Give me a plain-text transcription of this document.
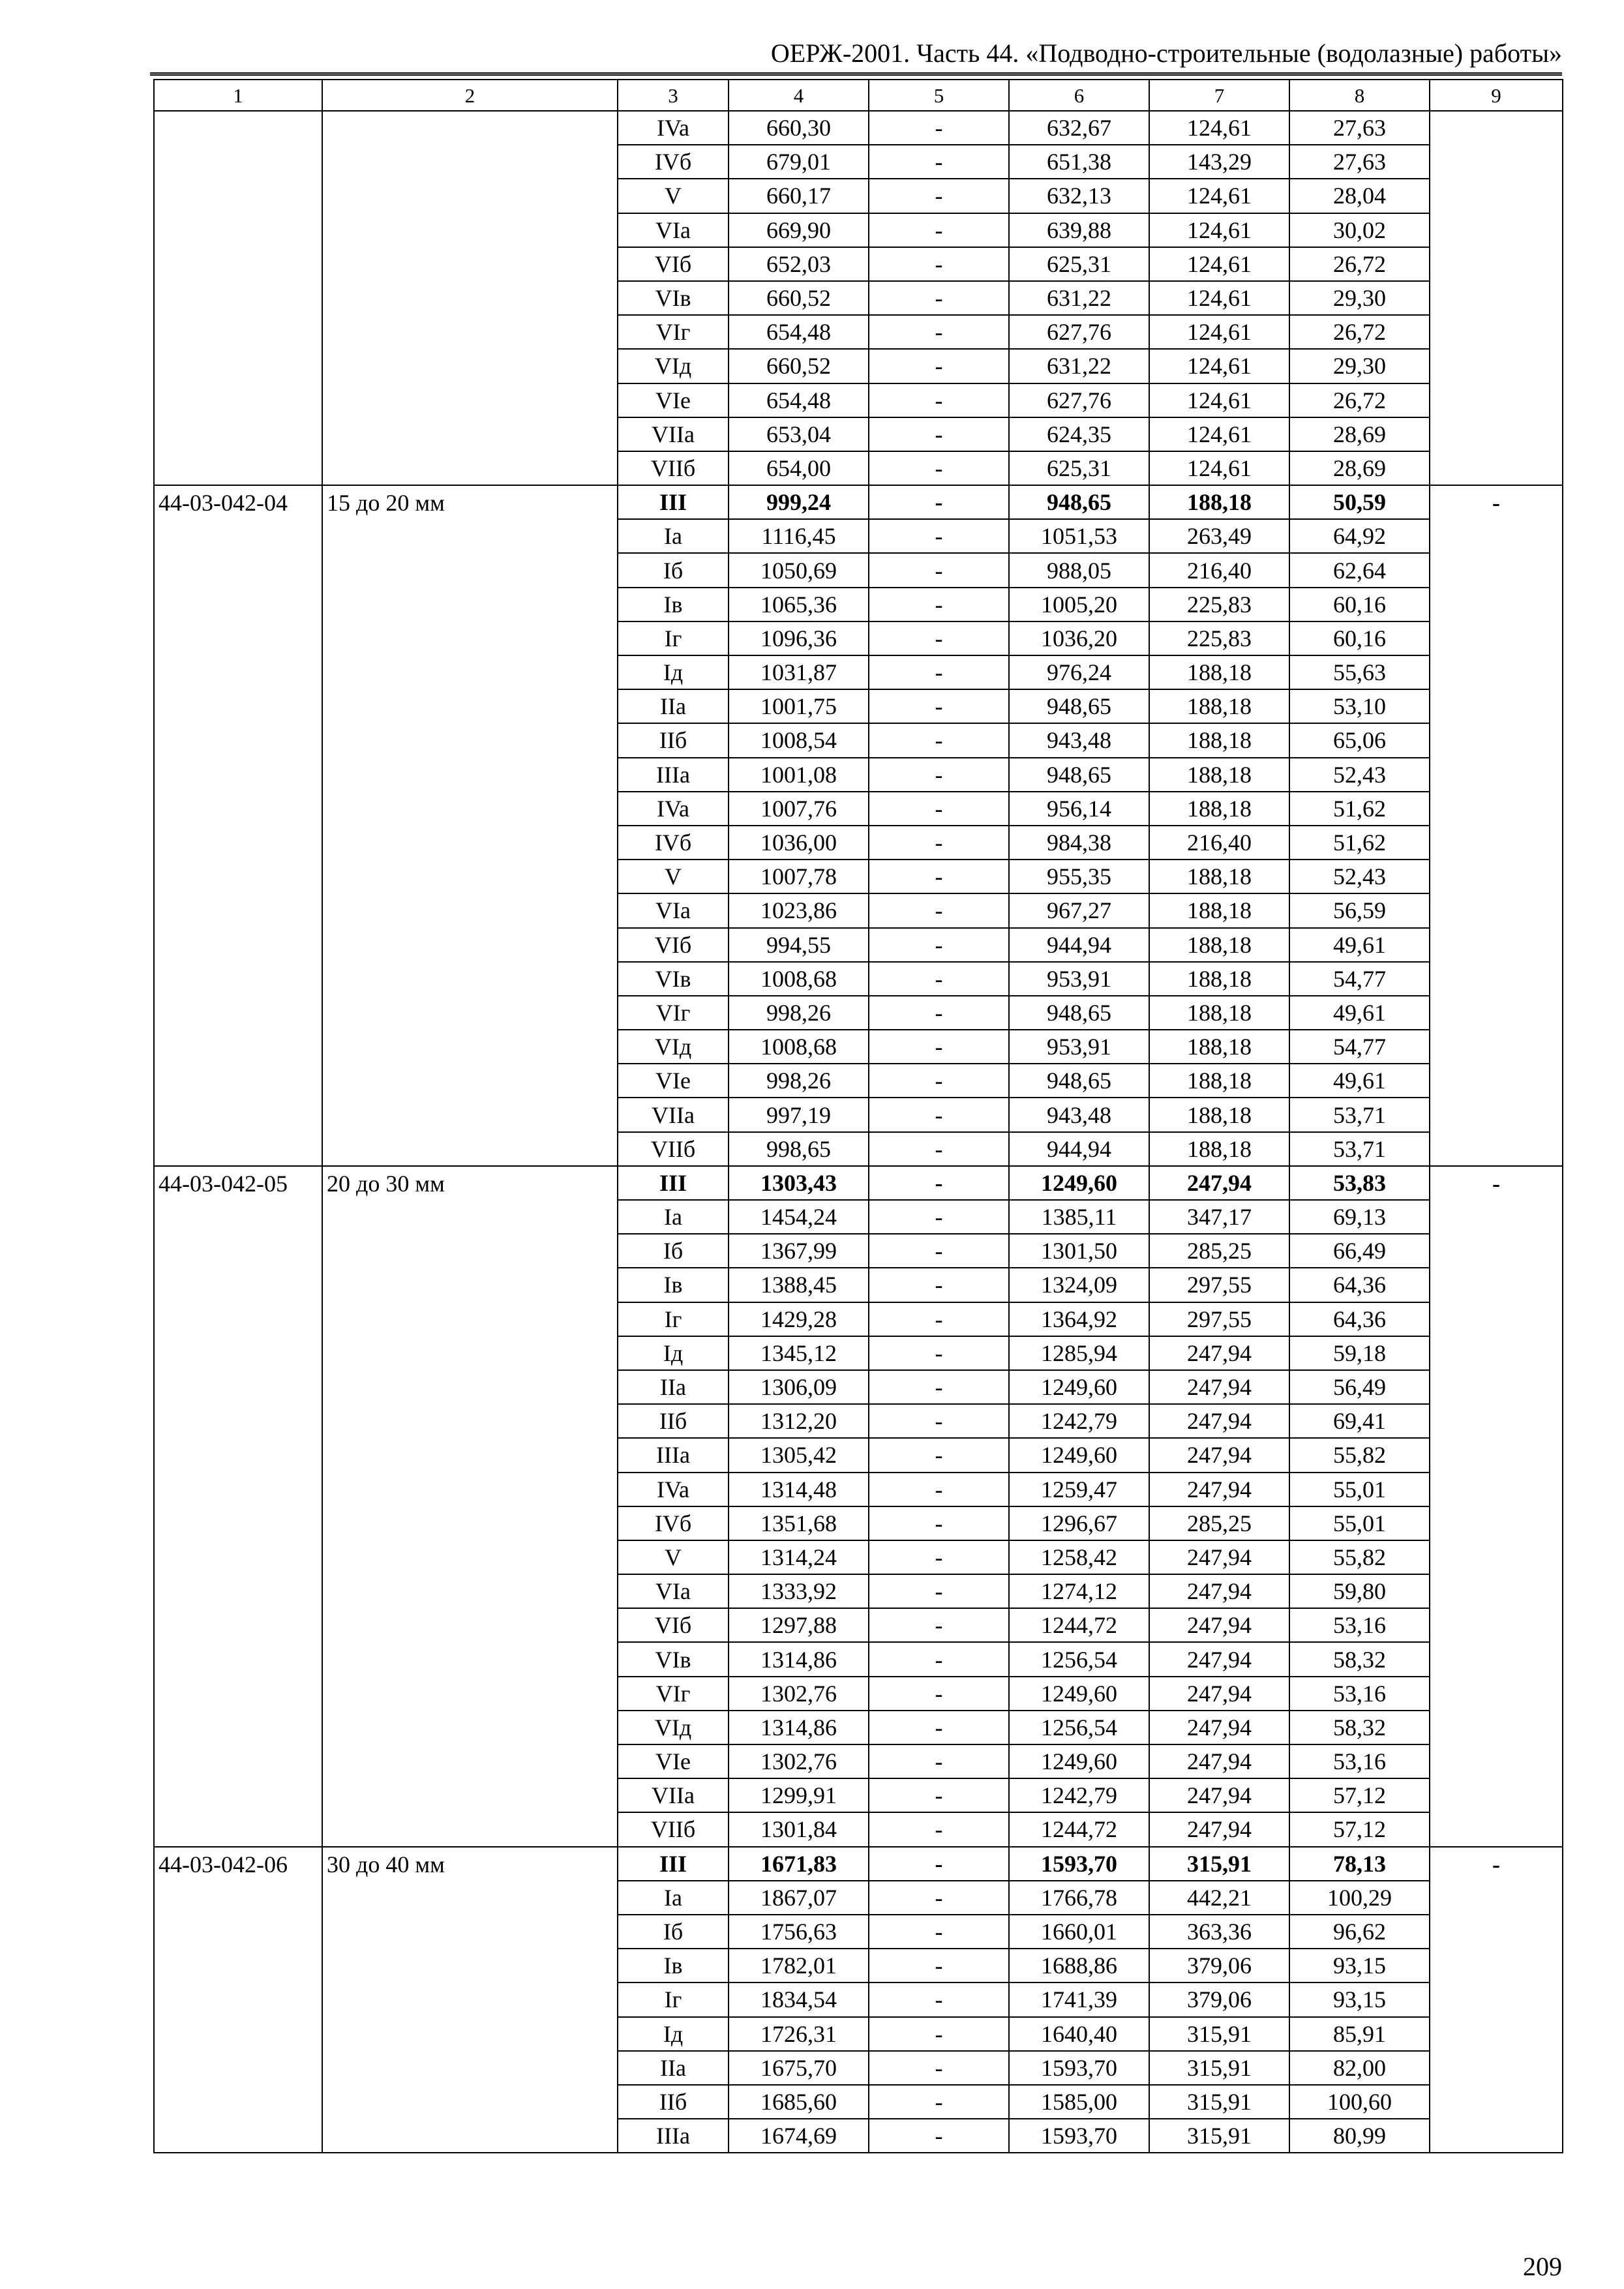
ОЕРЖ-2001. Часть 44. «Подводно-строительные (водолазные) работы»
1	2	3	4	5	6	7	8	9
		IVa	660,30	-	632,67	124,61	27,63	
		IVб	679,01	-	651,38	143,29	27,63	
		V	660,17	-	632,13	124,61	28,04	
		VIa	669,90	-	639,88	124,61	30,02	
		VIб	652,03	-	625,31	124,61	26,72	
		VIв	660,52	-	631,22	124,61	29,30	
		VIг	654,48	-	627,76	124,61	26,72	
		VIд	660,52	-	631,22	124,61	29,30	
		VIe	654,48	-	627,76	124,61	26,72	
		VIIa	653,04	-	624,35	124,61	28,69	
		VIIб	654,00	-	625,31	124,61	28,69	
44-03-042-04	15 до 20 мм	III	999,24	-	948,65	188,18	50,59	-
		Ia	1116,45	-	1051,53	263,49	64,92	
		Iб	1050,69	-	988,05	216,40	62,64	
		Iв	1065,36	-	1005,20	225,83	60,16	
		Iг	1096,36	-	1036,20	225,83	60,16	
		Iд	1031,87	-	976,24	188,18	55,63	
		IIa	1001,75	-	948,65	188,18	53,10	
		IIб	1008,54	-	943,48	188,18	65,06	
		IIIa	1001,08	-	948,65	188,18	52,43	
		IVa	1007,76	-	956,14	188,18	51,62	
		IVб	1036,00	-	984,38	216,40	51,62	
		V	1007,78	-	955,35	188,18	52,43	
		VIa	1023,86	-	967,27	188,18	56,59	
		VIб	994,55	-	944,94	188,18	49,61	
		VIв	1008,68	-	953,91	188,18	54,77	
		VIг	998,26	-	948,65	188,18	49,61	
		VIд	1008,68	-	953,91	188,18	54,77	
		VIe	998,26	-	948,65	188,18	49,61	
		VIIa	997,19	-	943,48	188,18	53,71	
		VIIб	998,65	-	944,94	188,18	53,71	
44-03-042-05	20 до 30 мм	III	1303,43	-	1249,60	247,94	53,83	-
		Ia	1454,24	-	1385,11	347,17	69,13	
		Iб	1367,99	-	1301,50	285,25	66,49	
		Iв	1388,45	-	1324,09	297,55	64,36	
		Iг	1429,28	-	1364,92	297,55	64,36	
		Iд	1345,12	-	1285,94	247,94	59,18	
		IIa	1306,09	-	1249,60	247,94	56,49	
		IIб	1312,20	-	1242,79	247,94	69,41	
		IIIa	1305,42	-	1249,60	247,94	55,82	
		IVa	1314,48	-	1259,47	247,94	55,01	
		IVб	1351,68	-	1296,67	285,25	55,01	
		V	1314,24	-	1258,42	247,94	55,82	
		VIa	1333,92	-	1274,12	247,94	59,80	
		VIб	1297,88	-	1244,72	247,94	53,16	
		VIв	1314,86	-	1256,54	247,94	58,32	
		VIг	1302,76	-	1249,60	247,94	53,16	
		VIд	1314,86	-	1256,54	247,94	58,32	
		VIe	1302,76	-	1249,60	247,94	53,16	
		VIIa	1299,91	-	1242,79	247,94	57,12	
		VIIб	1301,84	-	1244,72	247,94	57,12	
44-03-042-06	30 до 40 мм	III	1671,83	-	1593,70	315,91	78,13	-
		Ia	1867,07	-	1766,78	442,21	100,29	
		Iб	1756,63	-	1660,01	363,36	96,62	
		Iв	1782,01	-	1688,86	379,06	93,15	
		Iг	1834,54	-	1741,39	379,06	93,15	
		Iд	1726,31	-	1640,40	315,91	85,91	
		IIa	1675,70	-	1593,70	315,91	82,00	
		IIб	1685,60	-	1585,00	315,91	100,60	
		IIIa	1674,69	-	1593,70	315,91	80,99	
209
